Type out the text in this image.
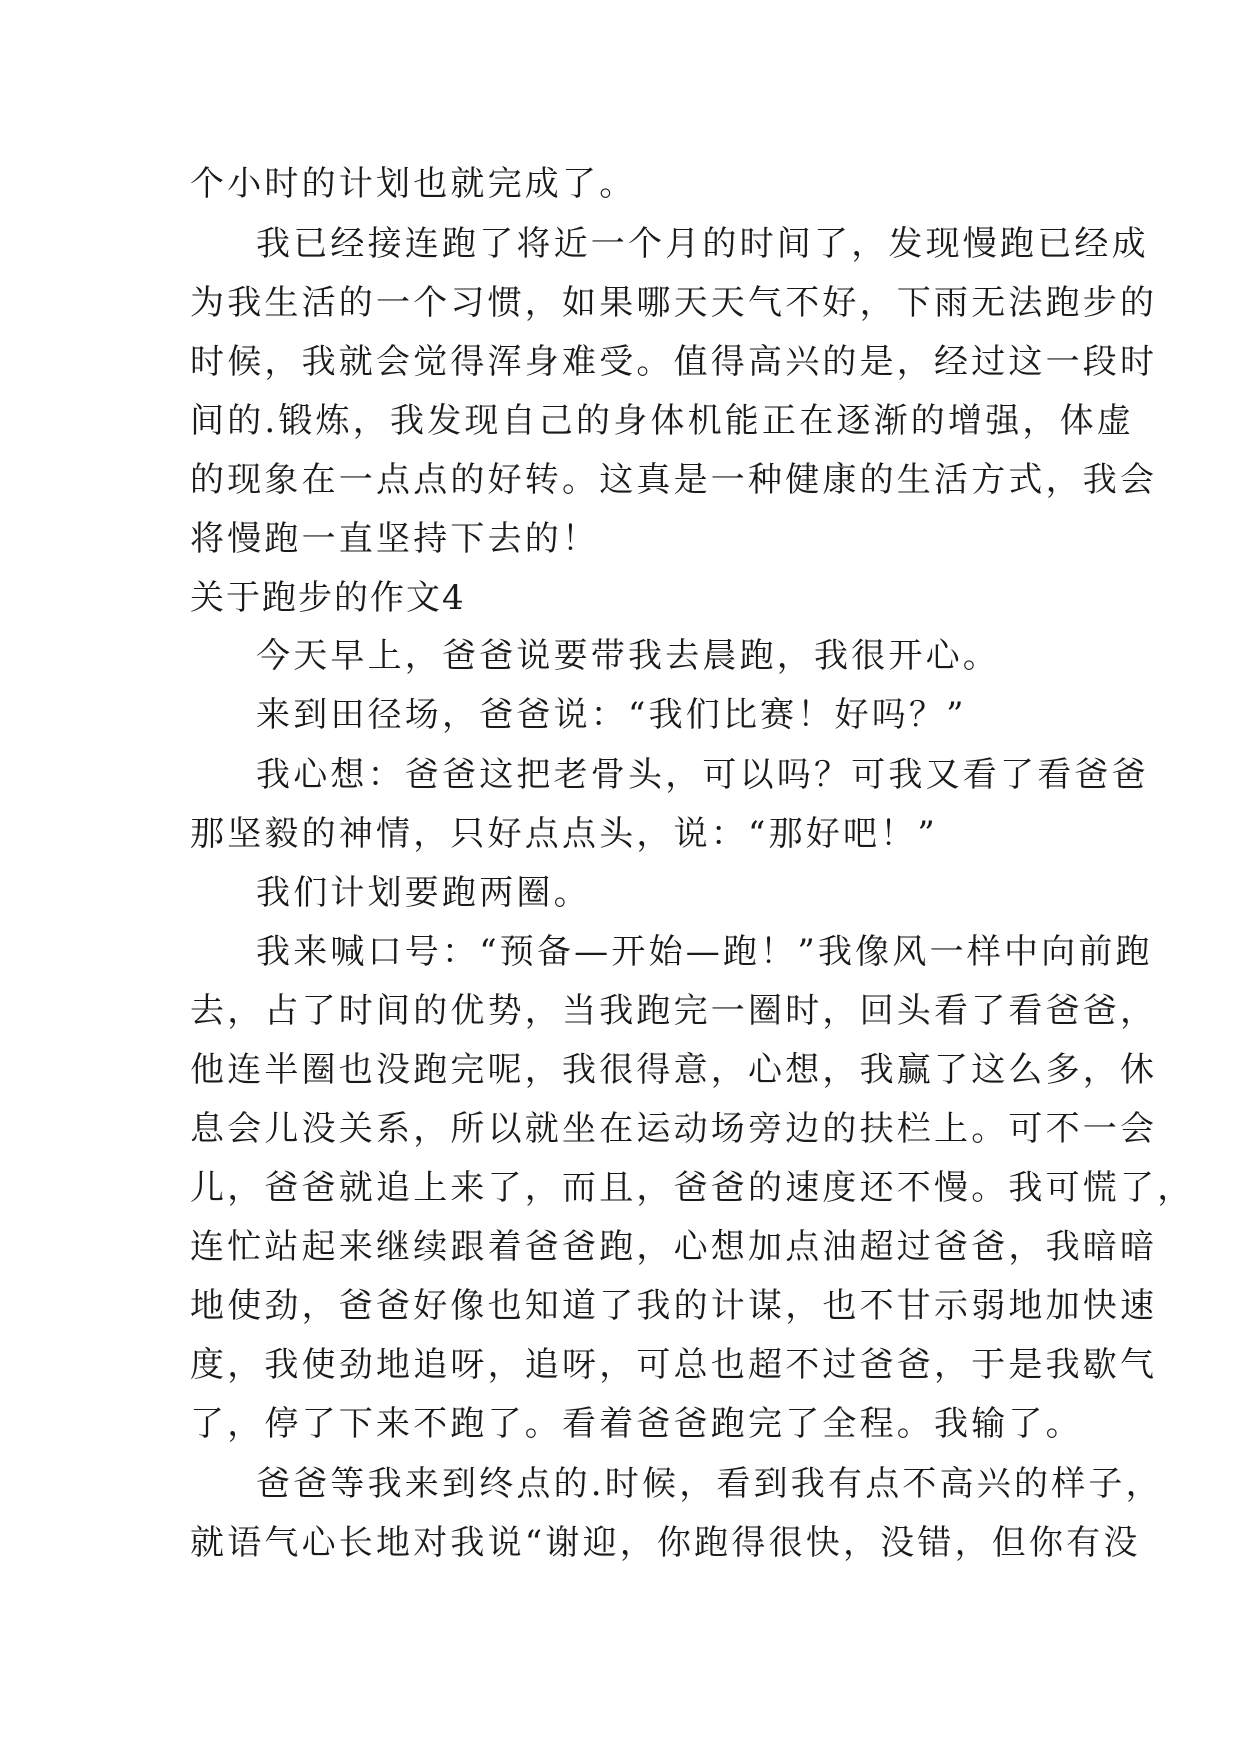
个小时的计划也就完成了。
我已经接连跑了将近一个月的时间了，发现慢跑已经成
为我生活的一个习惯，如果哪天天气不好，下雨无法跑步的
时候，我就会觉得浑身难受。值得高兴的是，经过这一段时
间的.锻炼，我发现自己的身体机能正在逐渐的增强，体虚
的现象在一点点的好转。这真是一种健康的生活方式，我会
将慢跑一直坚持下去的！
关于跑步的作文4
今天早上，爸爸说要带我去晨跑，我很开心。
来到田径场，爸爸说：“我们比赛！好吗？”
我心想：爸爸这把老骨头，可以吗？可我又看了看爸爸
那坚毅的神情，只好点点头，说：“那好吧！”
我们计划要跑两圈。
我来喊口号：“预备—开始—跑！”我像风一样中向前跑
去，占了时间的优势，当我跑完一圈时，回头看了看爸爸，
他连半圈也没跑完呢，我很得意，心想，我赢了这么多，休
息会儿没关系，所以就坐在运动场旁边的扶栏上。可不一会
儿，爸爸就追上来了，而且，爸爸的速度还不慢。我可慌了，
连忙站起来继续跟着爸爸跑，心想加点油超过爸爸，我暗暗
地使劲，爸爸好像也知道了我的计谋，也不甘示弱地加快速
度，我使劲地追呀，追呀，可总也超不过爸爸，于是我歇气
了，停了下来不跑了。看着爸爸跑完了全程。我输了。
爸爸等我来到终点的.时候，看到我有点不高兴的样子，
就语气心长地对我说“谢迎，你跑得很快，没错，但你有没
